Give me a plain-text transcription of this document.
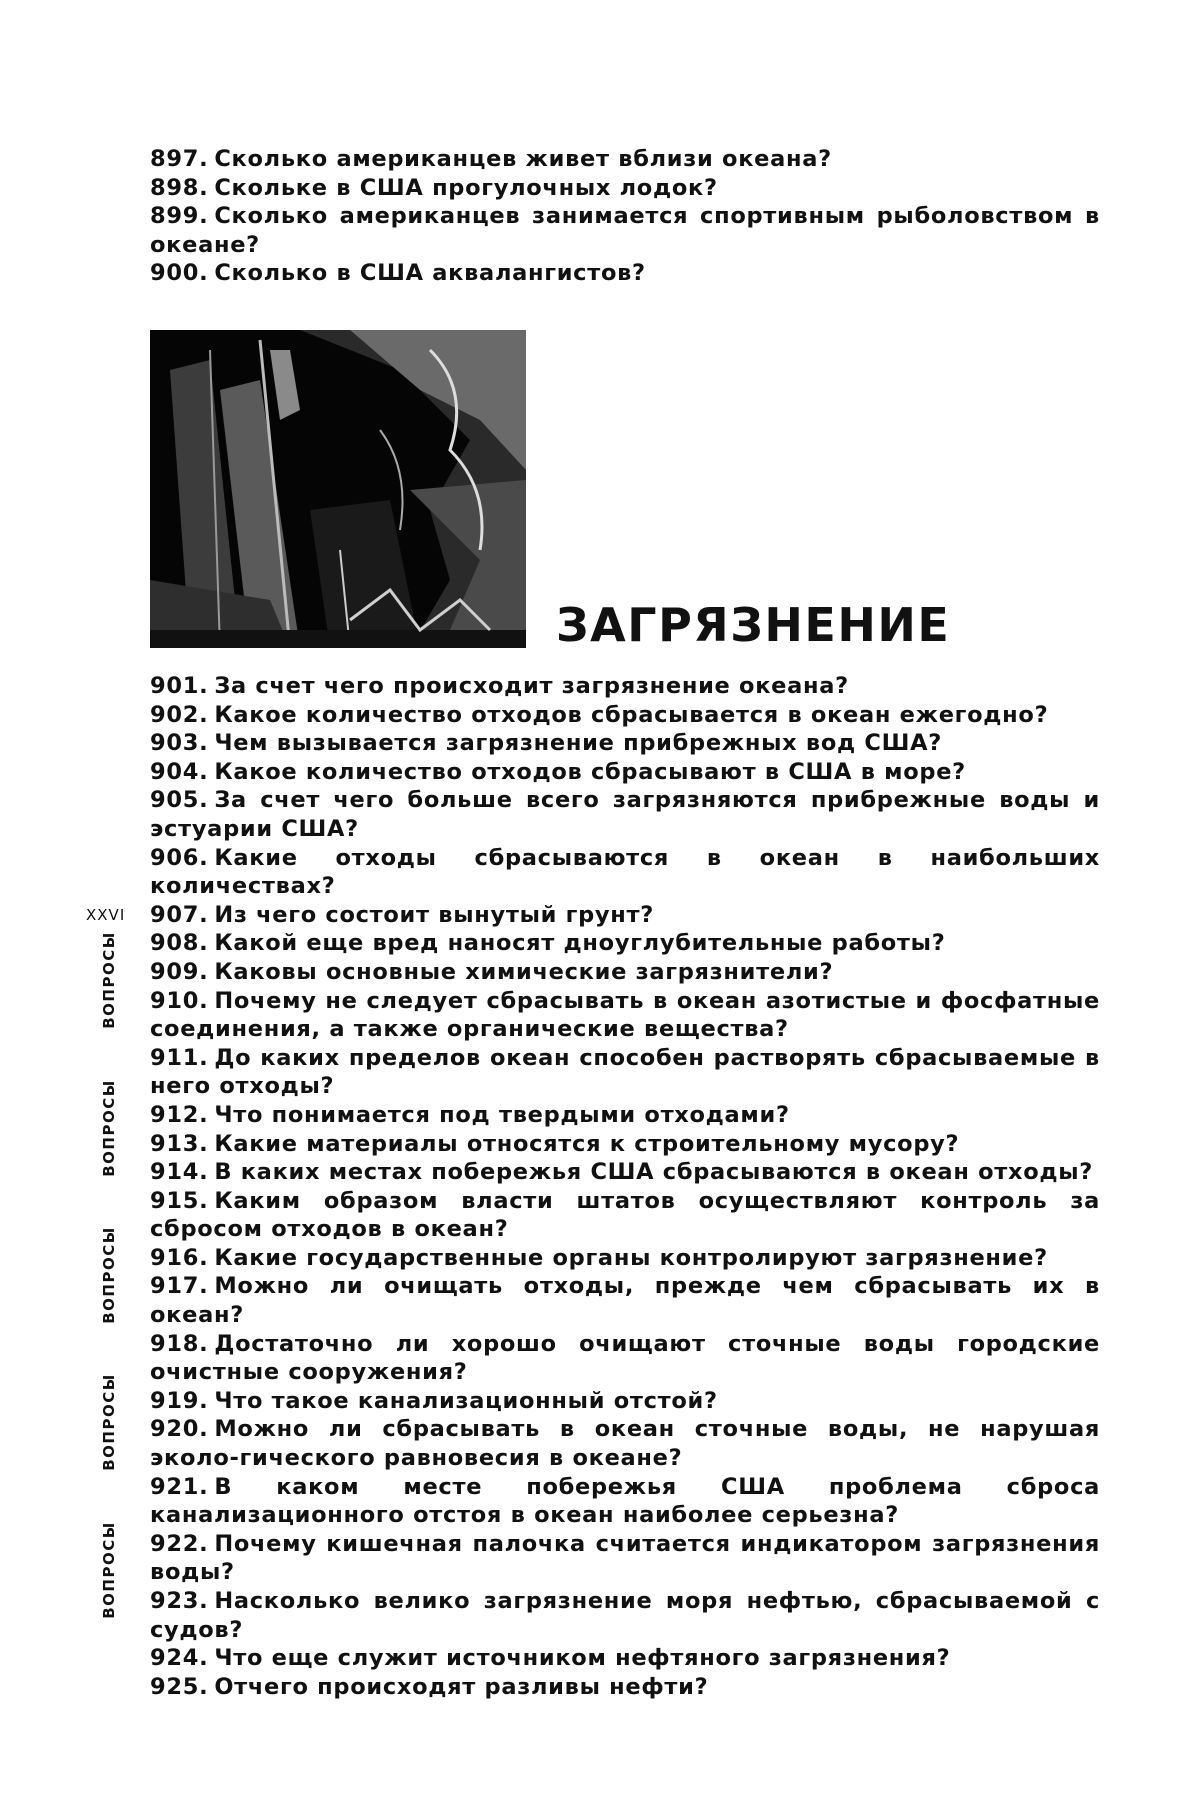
897. Сколько американцев живет вблизи океана?
898. Скольке в США прогулочных лодок?
899. Сколько американцев занимается спортивным рыболовством в океане?
900. Сколько в США аквалангистов?
ЗАГРЯЗНЕНИЕ
901. За счет чего происходит загрязнение океана?
902. Какое количество отходов сбрасывается в океан ежегодно?
903. Чем вызывается загрязнение прибрежных вод США?
904. Какое количество отходов сбрасывают в США в море?
905. За счет чего больше всего загрязняются прибрежные воды и эстуарии США?
906. Какие отходы сбрасываются в океан в наибольших количествах?
907. Из чего состоит вынутый грунт?
908. Какой еще вред наносят дноуглубительные работы?
909. Каковы основные химические загрязнители?
910. Почему не следует сбрасывать в океан азотистые и фосфатные соединения, а также органические вещества?
911. До каких пределов океан способен растворять сбрасываемые в него отходы?
912. Что понимается под твердыми отходами?
913. Какие материалы относятся к строительному мусору?
914. В каких местах побережья США сбрасываются в океан отходы?
915. Каким образом власти штатов осуществляют контроль за сбросом отходов в океан?
916. Какие государственные органы контролируют загрязнение?
917. Можно ли очищать отходы, прежде чем сбрасывать их в океан?
918. Достаточно ли хорошо очищают сточные воды городские очистные сооружения?
919. Что такое канализационный отстой?
920. Можно ли сбрасывать в океан сточные воды, не нарушая эколо-гического равновесия в океане?
921. В каком месте побережья США проблема сброса канализационного отстоя в океан наиболее серьезна?
922. Почему кишечная палочка считается индикатором загрязнения воды?
923. Насколько велико загрязнение моря нефтью, сбрасываемой с судов?
924. Что еще служит источником нефтяного загрязнения?
925. Отчего происходят разливы нефти?
XXVI
ВОПРОСЫ
ВОПРОСЫ
ВОПРОСЫ
ВОПРОСЫ
ВОПРОСЫ
